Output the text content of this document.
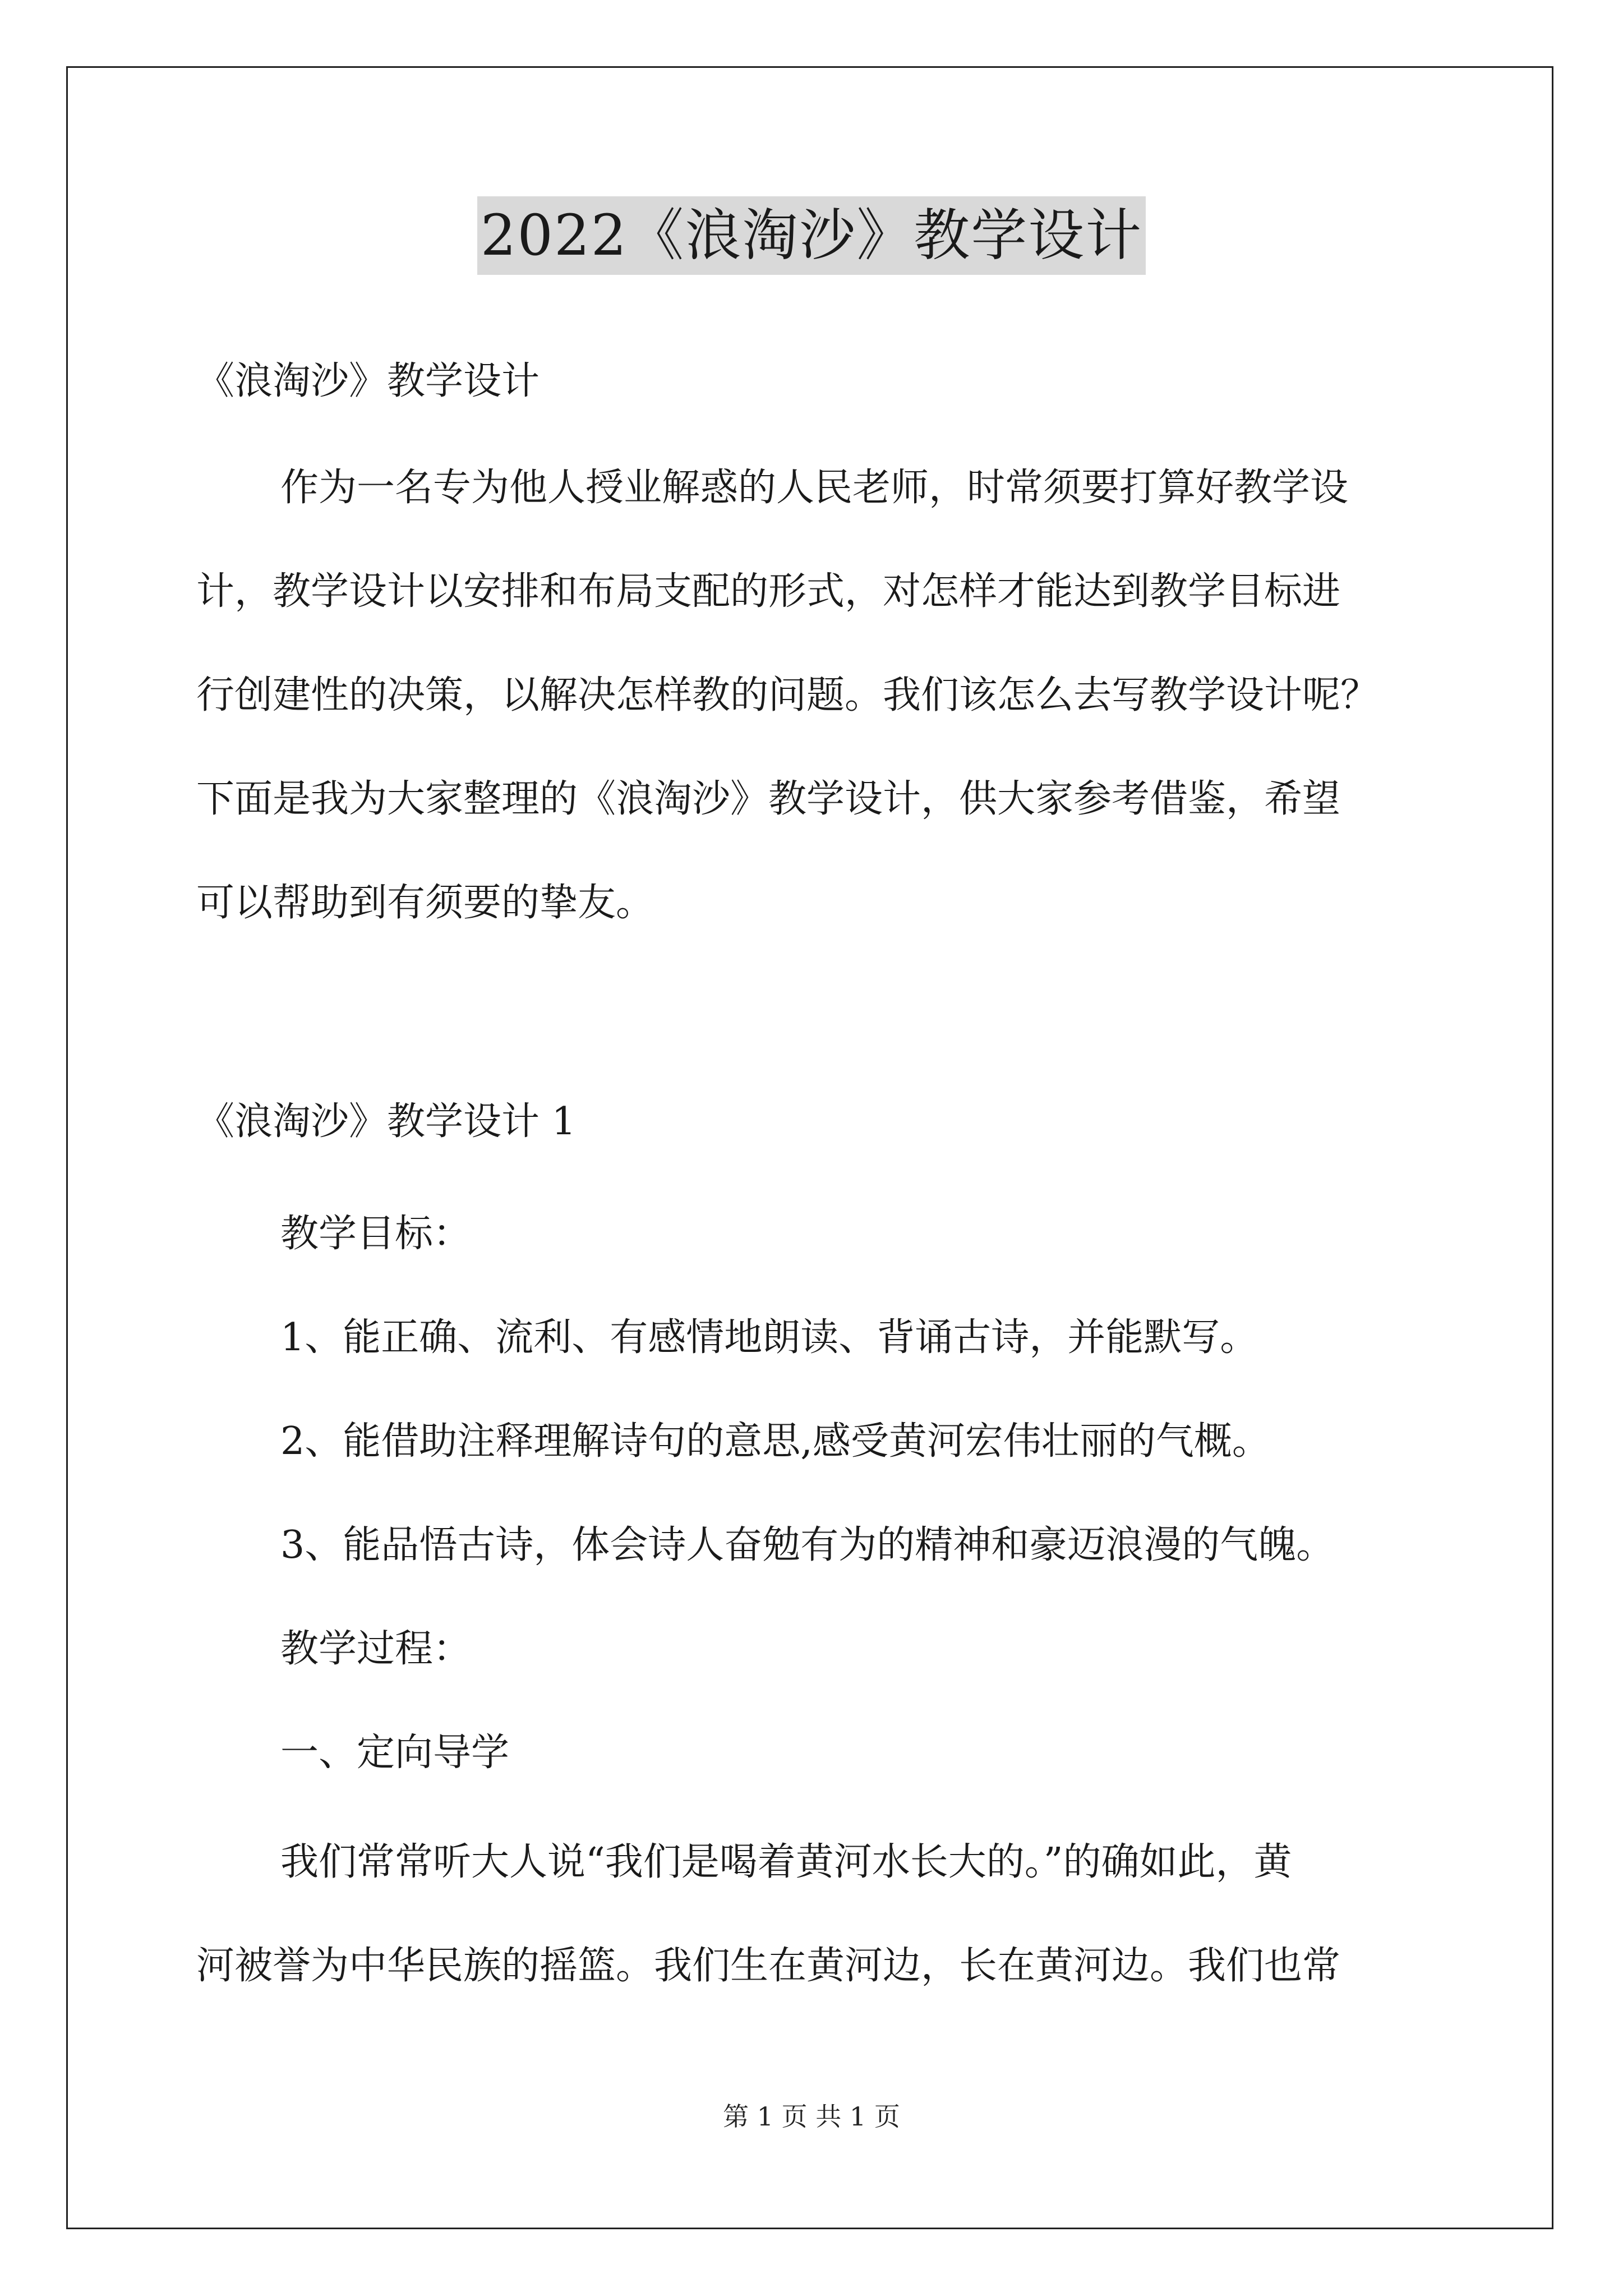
2022《浪淘沙》教学设计
《浪淘沙》教学设计
作为一名专为他人授业解惑的人民老师，时常须要打算好教学设
计，教学设计以安排和布局支配的形式，对怎样才能达到教学目标进
行创建性的决策，以解决怎样教的问题。我们该怎么去写教学设计呢？
下面是我为大家整理的《浪淘沙》教学设计，供大家参考借鉴，希望
可以帮助到有须要的挚友。
《浪淘沙》教学设计 1
教学目标：
1、能正确、流利、有感情地朗读、背诵古诗，并能默写。
2、能借助注释理解诗句的意思,感受黄河宏伟壮丽的气概。
3、能品悟古诗，体会诗人奋勉有为的精神和豪迈浪漫的气魄。
教学过程：
一、定向导学
我们常常听大人说“我们是喝着黄河水长大的。”的确如此，黄
河被誉为中华民族的摇篮。我们生在黄河边，长在黄河边。我们也常
第 1 页 共 1 页
